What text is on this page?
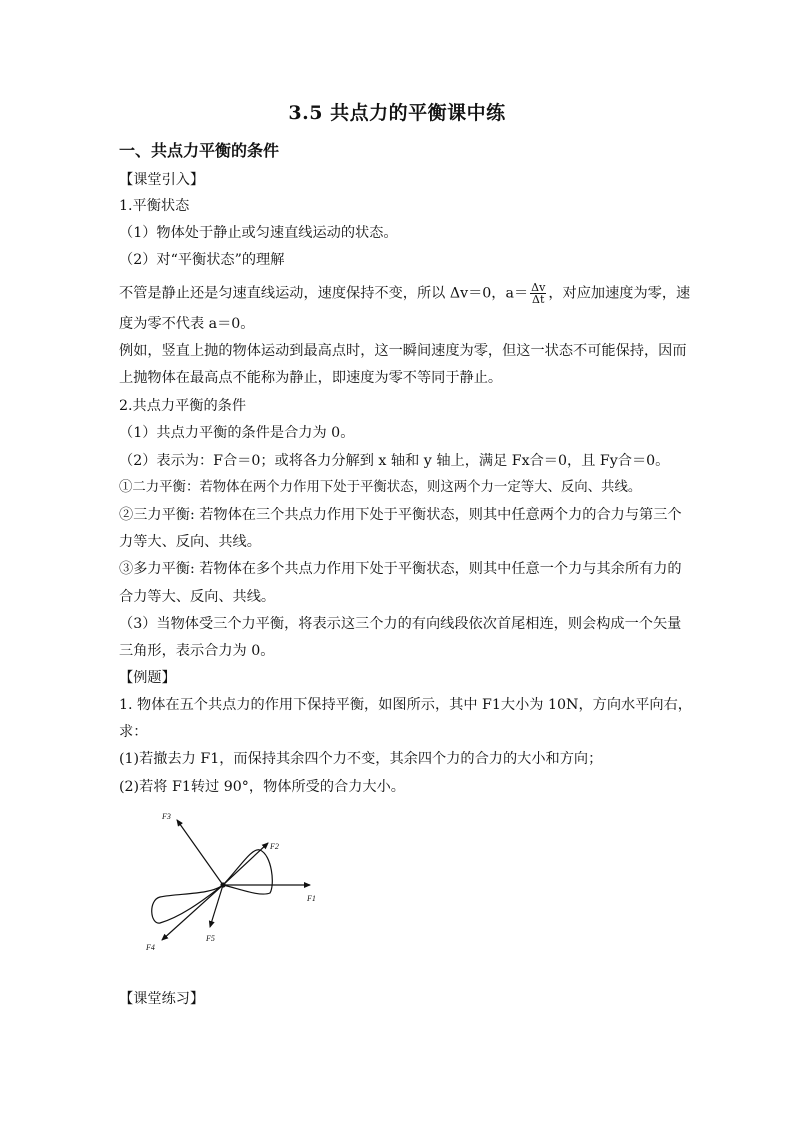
3.5 共点力的平衡课中练
一、共点力平衡的条件
【课堂引入】
1.平衡状态
（1）物体处于静止或匀速直线运动的状态。
（2）对“平衡状态”的理解
不管是静止还是匀速直线运动，速度保持不变，所以 Δv＝0，$a= \frac{\Delta v}{\Delta t}$ ，对应加速度为零，速
度为零不代表 a＝0。
例如，竖直上抛的物体运动到最高点时，这一瞬间速度为零，但这一状态不可能保持，因而
上抛物体在最高点不能称为静止，即速度为零不等同于静止。
2.共点力平衡的条件
（1）共点力平衡的条件是合力为 0。
（2）表示为：F合＝0；或将各力分解到 x 轴和 y 轴上，满足 Fx合＝0，且 Fy合＝0。
①二力平衡：若物体在两个力作用下处于平衡状态，则这两个力一定等大、反向、共线。
②三力平衡: 若物体在三个共点力作用下处于平衡状态，则其中任意两个力的合力与第三个
力等大、反向、共线。
③多力平衡: 若物体在多个共点力作用下处于平衡状态，则其中任意一个力与其余所有力的
合力等大、反向、共线。
（3）当物体受三个力平衡，将表示这三个力的有向线段依次首尾相连，则会构成一个矢量
三角形，表示合力为 0。
【例题】
1. 物体在五个共点力的作用下保持平衡，如图所示，其中 F1大小为 10N，方向水平向右，
求：
(1)若撤去力 F1，而保持其余四个力不变，其余四个力的合力的大小和方向；
(2)若将 F1转过 90°，物体所受的合力大小。
F1
F2
F3
F4
F5
【课堂练习】
